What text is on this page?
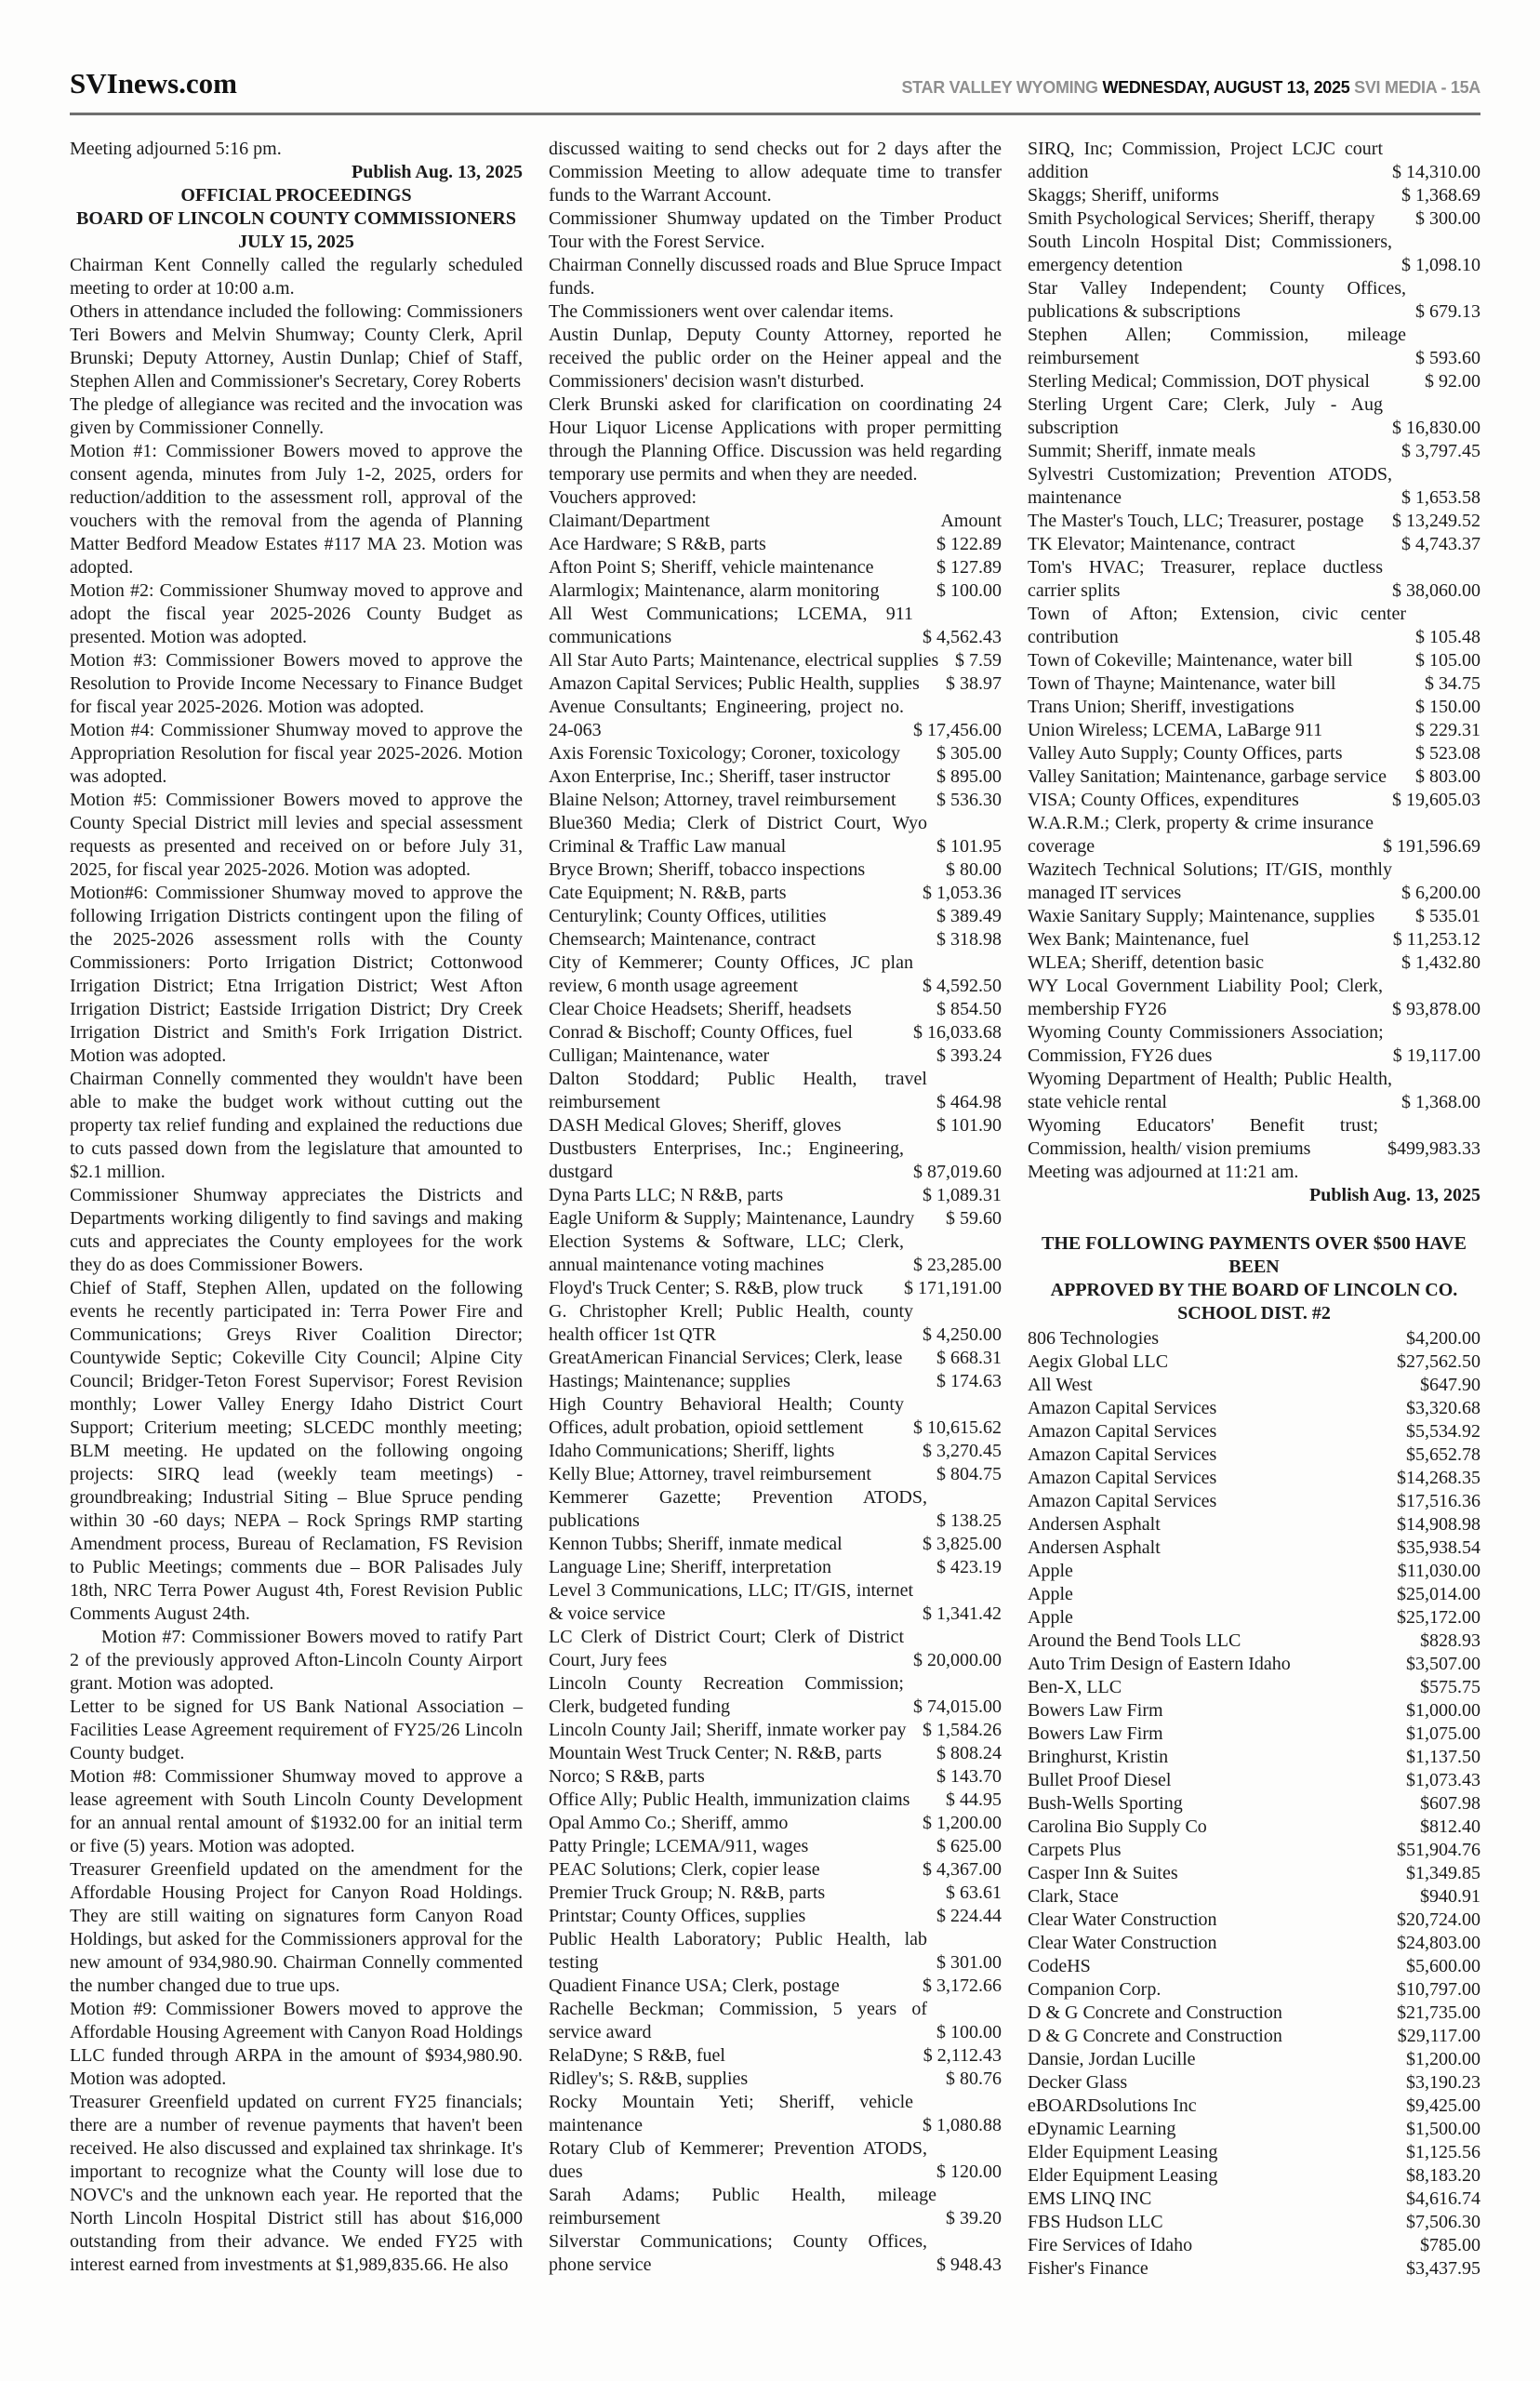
SVInews.com	STAR VALLEY WYOMING WEDNESDAY, AUGUST 13, 2025 SVI MEDIA - 15A
Meeting adjourned 5:16 pm.
Publish Aug. 13, 2025
OFFICIAL PROCEEDINGS
BOARD OF LINCOLN COUNTY COMMISSIONERS
JULY 15, 2025
Chairman Kent Connelly called the regularly scheduled meeting to order at 10:00 a.m.
Others in attendance included the following: Commissioners Teri Bowers and Melvin Shumway; County Clerk, April Brunski; Deputy Attorney, Austin Dunlap; Chief of Staff, Stephen Allen and Commissioner's Secretary, Corey Roberts
The pledge of allegiance was recited and the invocation was given by Commissioner Connelly.
Motion #1: Commissioner Bowers moved to approve the consent agenda, minutes from July 1-2, 2025, orders for reduction/addition to the assessment roll, approval of the vouchers with the removal from the agenda of Planning Matter Bedford Meadow Estates #117 MA 23. Motion was adopted.
Motion #2: Commissioner Shumway moved to approve and adopt the fiscal year 2025-2026 County Budget as presented. Motion was adopted.
Motion #3: Commissioner Bowers moved to approve the Resolution to Provide Income Necessary to Finance Budget for fiscal year 2025-2026. Motion was adopted.
Motion #4: Commissioner Shumway moved to approve the Appropriation Resolution for fiscal year 2025-2026. Motion was adopted.
Motion #5: Commissioner Bowers moved to approve the County Special District mill levies and special assessment requests as presented and received on or before July 31, 2025, for fiscal year 2025-2026. Motion was adopted.
Motion#6: Commissioner Shumway moved to approve the following Irrigation Districts contingent upon the filing of the 2025-2026 assessment rolls with the County Commissioners: Porto Irrigation District; Cottonwood Irrigation District; Etna Irrigation District; West Afton Irrigation District; Eastside Irrigation District; Dry Creek Irrigation District and Smith's Fork Irrigation District. Motion was adopted.
Chairman Connelly commented they wouldn't have been able to make the budget work without cutting out the property tax relief funding and explained the reductions due to cuts passed down from the legislature that amounted to $2.1 million.
Commissioner Shumway appreciates the Districts and Departments working diligently to find savings and making cuts and appreciates the County employees for the work they do as does Commissioner Bowers.
Chief of Staff, Stephen Allen, updated on the following events he recently participated in: Terra Power Fire and Communications; Greys River Coalition Director; Countywide Septic; Cokeville City Council; Alpine City Council; Bridger-Teton Forest Supervisor; Forest Revision monthly; Lower Valley Energy Idaho District Court Support; Criterium meeting; SLCEDC monthly meeting; BLM meeting. He updated on the following ongoing projects: SIRQ lead (weekly team meetings) -groundbreaking; Industrial Siting – Blue Spruce pending within 30 -60 days; NEPA – Rock Springs RMP starting Amendment process, Bureau of Reclamation, FS Revision to Public Meetings; comments due – BOR Palisades July 18th, NRC Terra Power August 4th, Forest Revision Public Comments August 24th.
Motion #7: Commissioner Bowers moved to ratify Part 2 of the previously approved Afton-Lincoln County Airport grant. Motion was adopted.
Letter to be signed for US Bank National Association – Facilities Lease Agreement requirement of FY25/26 Lincoln County budget.
Motion #8: Commissioner Shumway moved to approve a lease agreement with South Lincoln County Development for an annual rental amount of $1932.00 for an initial term or five (5) years. Motion was adopted.
Treasurer Greenfield updated on the amendment for the Affordable Housing Project for Canyon Road Holdings. They are still waiting on signatures form Canyon Road Holdings, but asked for the Commissioners approval for the new amount of 934,980.90. Chairman Connelly commented the number changed due to true ups.
Motion #9: Commissioner Bowers moved to approve the Affordable Housing Agreement with Canyon Road Holdings LLC funded through ARPA in the amount of $934,980.90. Motion was adopted.
Treasurer Greenfield updated on current FY25 financials; there are a number of revenue payments that haven't been received. He also discussed and explained tax shrinkage. It's important to recognize what the County will lose due to NOVC's and the unknown each year. He reported that the North Lincoln Hospital District still has about $16,000 outstanding from their advance. We ended FY25 with interest earned from investments at $1,989,835.66. He also
discussed waiting to send checks out for 2 days after the Commission Meeting to allow adequate time to transfer funds to the Warrant Account.
Commissioner Shumway updated on the Timber Product Tour with the Forest Service.
Chairman Connelly discussed roads and Blue Spruce Impact funds.
The Commissioners went over calendar items.
Austin Dunlap, Deputy County Attorney, reported he received the public order on the Heiner appeal and the Commissioners' decision wasn't disturbed.
Clerk Brunski asked for clarification on coordinating 24 Hour Liquor License Applications with proper permitting through the Planning Office. Discussion was held regarding temporary use permits and when they are needed.
Vouchers approved:
Claimant/Department	Amount
Ace Hardware; S R&B, parts	$ 122.89
Afton Point S; Sheriff, vehicle maintenance	$ 127.89
Alarmlogix; Maintenance, alarm monitoring	$ 100.00
All West Communications; LCEMA, 911 communications	$ 4,562.43
All Star Auto Parts; Maintenance, electrical supplies $ 7.59
Amazon Capital Services; Public Health, supplies	$ 38.97
Avenue Consultants; Engineering, project no. 24-063	$ 17,456.00
Axis Forensic Toxicology; Coroner, toxicology	$ 305.00
Axon Enterprise, Inc.; Sheriff, taser instructor	$ 895.00
Blaine Nelson; Attorney, travel reimbursement	$ 536.30
Blue360 Media; Clerk of District Court, Wyo Criminal & Traffic Law manual	$ 101.95
Bryce Brown; Sheriff, tobacco inspections	$ 80.00
Cate Equipment; N. R&B, parts	$ 1,053.36
Centurylink; County Offices, utilities	$ 389.49
Chemsearch; Maintenance, contract	$ 318.98
City of Kemmerer; County Offices, JC plan review, 6 month usage agreement	$ 4,592.50
Clear Choice Headsets; Sheriff, headsets	$ 854.50
Conrad & Bischoff; County Offices, fuel	$ 16,033.68
Culligan; Maintenance, water	$ 393.24
Dalton Stoddard; Public Health, travel reimbursement	$ 464.98
DASH Medical Gloves; Sheriff, gloves	$ 101.90
Dustbusters Enterprises, Inc.; Engineering, dustgard	$ 87,019.60
Dyna Parts LLC; N R&B, parts	$ 1,089.31
Eagle Uniform & Supply; Maintenance, Laundry	$ 59.60
Election Systems & Software, LLC; Clerk, annual maintenance voting machines	$ 23,285.00
Floyd's Truck Center; S. R&B, plow truck	$ 171,191.00
G. Christopher Krell; Public Health, county health officer 1st QTR	$ 4,250.00
GreatAmerican Financial Services; Clerk, lease	$ 668.31
Hastings; Maintenance; supplies	$ 174.63
High Country Behavioral Health; County Offices, adult probation, opioid settlement	$ 10,615.62
Idaho Communications; Sheriff, lights	$ 3,270.45
Kelly Blue; Attorney, travel reimbursement	$ 804.75
Kemmerer Gazette; Prevention ATODS, publications	$ 138.25
Kennon Tubbs; Sheriff, inmate medical	$ 3,825.00
Language Line; Sheriff, interpretation	$ 423.19
Level 3 Communications, LLC; IT/GIS, internet & voice service	$ 1,341.42
LC Clerk of District Court; Clerk of District Court, Jury fees	$ 20,000.00
Lincoln County Recreation Commission; Clerk, budgeted funding	$ 74,015.00
Lincoln County Jail; Sheriff, inmate worker pay $ 1,584.26
Mountain West Truck Center; N. R&B, parts	$ 808.24
Norco; S R&B, parts	$ 143.70
Office Ally; Public Health, immunization claims	$ 44.95
Opal Ammo Co.; Sheriff, ammo	$ 1,200.00
Patty Pringle; LCEMA/911, wages	$ 625.00
PEAC Solutions; Clerk, copier lease	$ 4,367.00
Premier Truck Group; N. R&B, parts	$ 63.61
Printstar; County Offices, supplies	$ 224.44
Public Health Laboratory; Public Health, lab testing	$ 301.00
Quadient Finance USA; Clerk, postage	$ 3,172.66
Rachelle Beckman; Commission, 5 years of service award	$ 100.00
RelaDyne; S R&B, fuel	$ 2,112.43
Ridley's; S. R&B, supplies	$ 80.76
Rocky Mountain Yeti; Sheriff, vehicle maintenance	$ 1,080.88
Rotary Club of Kemmerer; Prevention ATODS, dues	$ 120.00
Sarah Adams; Public Health, mileage reimbursement	$ 39.20
Silverstar Communications; County Offices, phone service	$ 948.43
SIRQ, Inc; Commission, Project LCJC court addition	$ 14,310.00
Skaggs; Sheriff, uniforms	$ 1,368.69
Smith Psychological Services; Sheriff, therapy	$ 300.00
South Lincoln Hospital Dist; Commissioners, emergency detention	$ 1,098.10
Star Valley Independent; County Offices, publications & subscriptions	$ 679.13
Stephen Allen; Commission, mileage reimbursement	$ 593.60
Sterling Medical; Commission, DOT physical	$ 92.00
Sterling Urgent Care; Clerk, July - Aug subscription	$ 16,830.00
Summit; Sheriff, inmate meals	$ 3,797.45
Sylvestri Customization; Prevention ATODS, maintenance	$ 1,653.58
The Master's Touch, LLC; Treasurer, postage	$ 13,249.52
TK Elevator; Maintenance, contract	$ 4,743.37
Tom's HVAC; Treasurer, replace ductless carrier splits	$ 38,060.00
Town of Afton; Extension, civic center contribution	$ 105.48
Town of Cokeville; Maintenance, water bill	$ 105.00
Town of Thayne; Maintenance, water bill	$ 34.75
Trans Union; Sheriff, investigations	$ 150.00
Union Wireless; LCEMA, LaBarge 911	$ 229.31
Valley Auto Supply; County Offices, parts	$ 523.08
Valley Sanitation; Maintenance, garbage service	$ 803.00
VISA; County Offices, expenditures	$ 19,605.03
W.A.R.M.; Clerk, property & crime insurance coverage	$ 191,596.69
Wazitech Technical Solutions; IT/GIS, monthly managed IT services	$ 6,200.00
Waxie Sanitary Supply; Maintenance, supplies	$ 535.01
Wex Bank; Maintenance, fuel	$ 11,253.12
WLEA; Sheriff, detention basic	$ 1,432.80
WY Local Government Liability Pool; Clerk, membership FY26	$ 93,878.00
Wyoming County Commissioners Association; Commission, FY26 dues	$ 19,117.00
Wyoming Department of Health; Public Health, state vehicle rental	$ 1,368.00
Wyoming Educators' Benefit trust; Commission, health/ vision premiums	$499,983.33
Meeting was adjourned at 11:21 am.
Publish Aug. 13, 2025
THE FOLLOWING PAYMENTS OVER $500 HAVE
BEEN
APPROVED BY THE BOARD OF LINCOLN CO.
SCHOOL DIST. #2
806 Technologies	$4,200.00
Aegix Global LLC	$27,562.50
All West	$647.90
Amazon Capital Services	$3,320.68
Amazon Capital Services	$5,534.92
Amazon Capital Services	$5,652.78
Amazon Capital Services	$14,268.35
Amazon Capital Services	$17,516.36
Andersen Asphalt	$14,908.98
Andersen Asphalt	$35,938.54
Apple	$11,030.00
Apple	$25,014.00
Apple	$25,172.00
Around the Bend Tools LLC	$828.93
Auto Trim Design of Eastern Idaho	$3,507.00
Ben-X, LLC	$575.75
Bowers Law Firm	$1,000.00
Bowers Law Firm	$1,075.00
Bringhurst, Kristin	$1,137.50
Bullet Proof Diesel	$1,073.43
Bush-Wells Sporting	$607.98
Carolina Bio Supply Co	$812.40
Carpets Plus	$51,904.76
Casper Inn & Suites	$1,349.85
Clark, Stace	$940.91
Clear Water Construction	$20,724.00
Clear Water Construction	$24,803.00
CodeHS	$5,600.00
Companion Corp.	$10,797.00
D & G Concrete and Construction	$21,735.00
D & G Concrete and Construction	$29,117.00
Dansie, Jordan Lucille	$1,200.00
Decker Glass	$3,190.23
eBOARDsolutions Inc	$9,425.00
eDynamic Learning	$1,500.00
Elder Equipment Leasing	$1,125.56
Elder Equipment Leasing	$8,183.20
EMS LINQ INC	$4,616.74
FBS Hudson LLC	$7,506.30
Fire Services of Idaho	$785.00
Fisher's Finance	$3,437.95
